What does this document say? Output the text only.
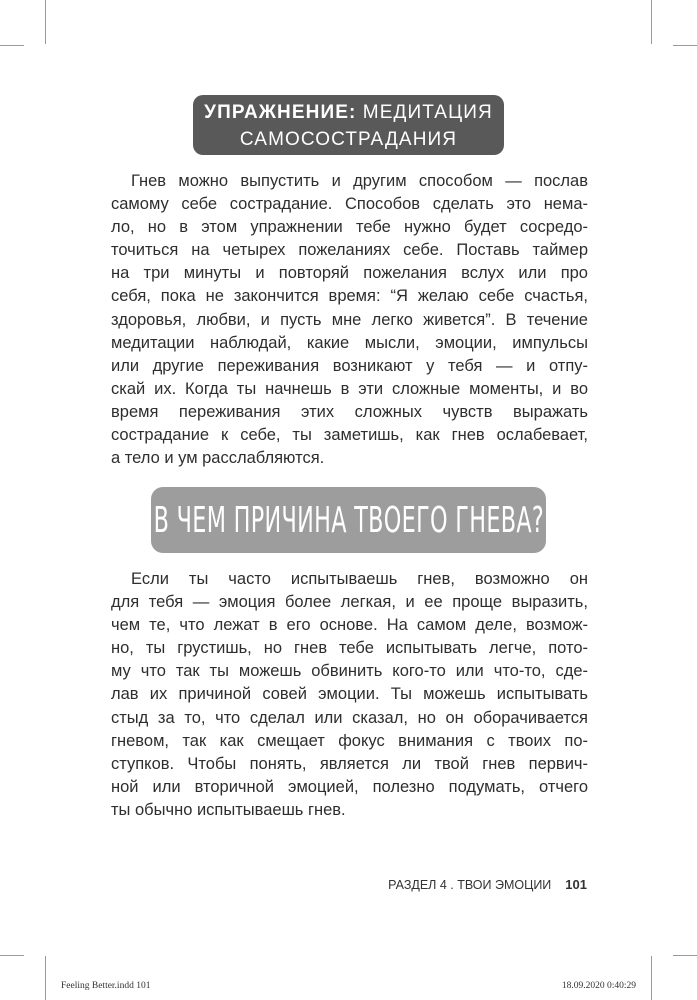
УПРАЖНЕНИЕ: МЕДИТАЦИЯ
САМОСОСТРАДАНИЯ
Гнев можно выпустить и другим способом — послав
самому себе сострадание. Способов сделать это нема-
ло, но в этом упражнении тебе нужно будет сосредо-
точиться на четырех пожеланиях себе. Поставь таймер
на три минуты и повторяй пожелания вслух или про
себя, пока не закончится время: “Я желаю себе счастья,
здоровья, любви, и пусть мне легко живется”. В течение
медитации наблюдай, какие мысли, эмоции, импульсы
или другие переживания возникают у тебя — и отпу-
скай их. Когда ты начнешь в эти сложные моменты, и во
время переживания этих сложных чувств выражать
сострадание к себе, ты заметишь, как гнев ослабевает,
а тело и ум расслабляются.
В ЧЕМ ПРИЧИНА ТВОЕГО ГНЕВА?
Если ты часто испытываешь гнев, возможно он
для тебя — эмоция более легкая, и ее проще выразить,
чем те, что лежат в его основе. На самом деле, возмож-
но, ты грустишь, но гнев тебе испытывать легче, пото-
му что так ты можешь обвинить кого-то или что-то, сде-
лав их причиной совей эмоции. Ты можешь испытывать
стыд за то, что сделал или сказал, но он оборачивается
гневом, так как смещает фокус внимания с твоих по-
ступков. Чтобы понять, является ли твой гнев первич-
ной или вторичной эмоцией, полезно подумать, отчего
ты обычно испытываешь гнев.
РАЗДЕЛ 4 . ТВОИ ЭМОЦИИ 101
Feeling Better.indd 101	18.09.2020 0:40:29
